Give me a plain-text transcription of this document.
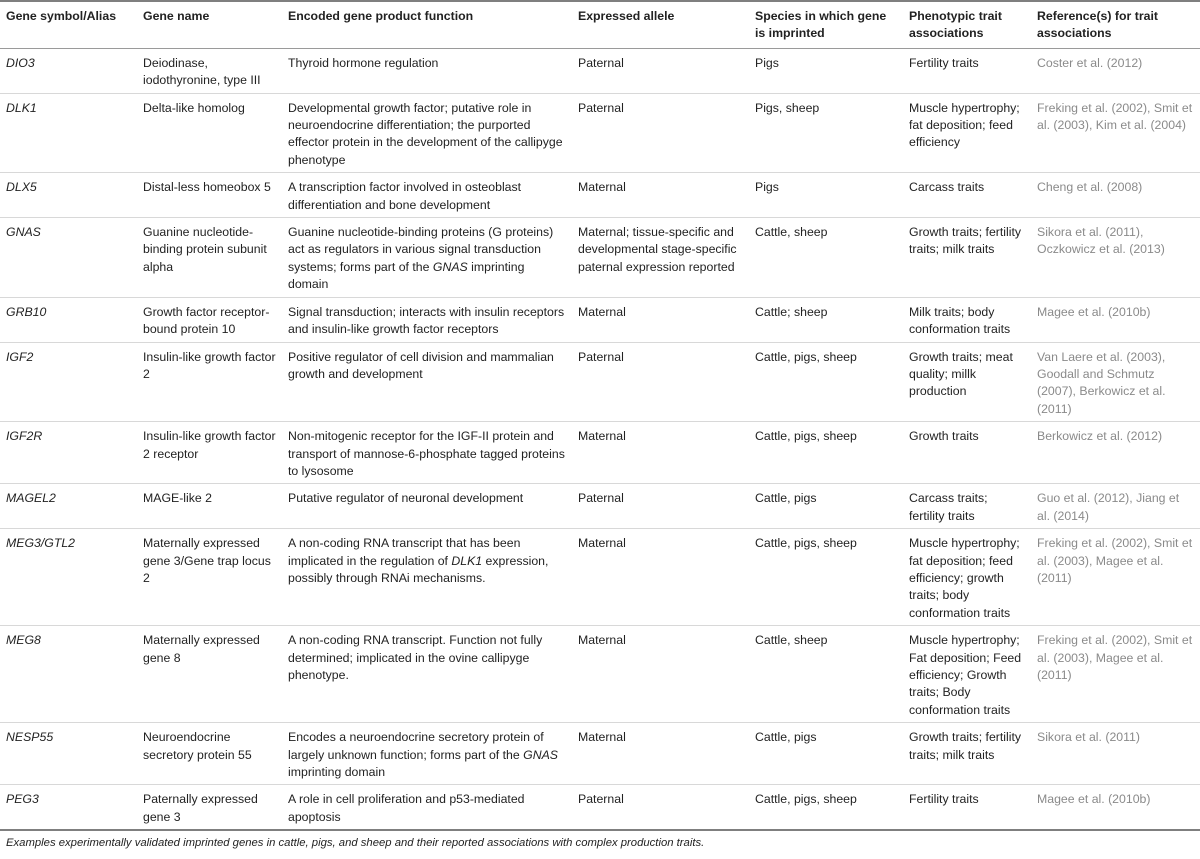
Gene symbol/Alias	Gene name	Encoded gene product function	Expressed allele	Species in which gene is imprinted	Phenotypic trait associations	Reference(s) for trait associations
DIO3	Deiodinase, iodothyronine, type III	Thyroid hormone regulation	Paternal	Pigs	Fertility traits	Coster et al. (2012)
DLK1	Delta-like homolog	Developmental growth factor; putative role in neuroendocrine differentiation; the purported effector protein in the development of the callipyge phenotype	Paternal	Pigs, sheep	Muscle hypertrophy; fat deposition; feed efficiency	Freking et al. (2002), Smit et al. (2003), Kim et al. (2004)
DLX5	Distal-less homeobox 5	A transcription factor involved in osteoblast differentiation and bone development	Maternal	Pigs	Carcass traits	Cheng et al. (2008)
GNAS	Guanine nucleotide-binding protein subunit alpha	Guanine nucleotide-binding proteins (G proteins) act as regulators in various signal transduction systems; forms part of the GNAS imprinting domain	Maternal; tissue-specific and developmental stage-specific paternal expression reported	Cattle, sheep	Growth traits; fertility traits; milk traits	Sikora et al. (2011), Oczkowicz et al. (2013)
GRB10	Growth factor receptor-bound protein 10	Signal transduction; interacts with insulin receptors and insulin-like growth factor receptors	Maternal	Cattle; sheep	Milk traits; body conformation traits	Magee et al. (2010b)
IGF2	Insulin-like growth factor 2	Positive regulator of cell division and mammalian growth and development	Paternal	Cattle, pigs, sheep	Growth traits; meat quality; millk production	Van Laere et al. (2003), Goodall and Schmutz (2007), Berkowicz et al. (2011)
IGF2R	Insulin-like growth factor 2 receptor	Non-mitogenic receptor for the IGF-II protein and transport of mannose-6-phosphate tagged proteins to lysosome	Maternal	Cattle, pigs, sheep	Growth traits	Berkowicz et al. (2012)
MAGEL2	MAGE-like 2	Putative regulator of neuronal development	Paternal	Cattle, pigs	Carcass traits; fertility traits	Guo et al. (2012), Jiang et al. (2014)
MEG3/GTL2	Maternally expressed gene 3/Gene trap locus 2	A non-coding RNA transcript that has been implicated in the regulation of DLK1 expression, possibly through RNAi mechanisms.	Maternal	Cattle, pigs, sheep	Muscle hypertrophy; fat deposition; feed efficiency; growth traits; body conformation traits	Freking et al. (2002), Smit et al. (2003), Magee et al. (2011)
MEG8	Maternally expressed gene 8	A non-coding RNA transcript. Function not fully determined; implicated in the ovine callipyge phenotype.	Maternal	Cattle, sheep	Muscle hypertrophy; Fat deposition; Feed efficiency; Growth traits; Body conformation traits	Freking et al. (2002), Smit et al. (2003), Magee et al. (2011)
NESP55	Neuroendocrine secretory protein 55	Encodes a neuroendocrine secretory protein of largely unknown function; forms part of the GNAS imprinting domain	Maternal	Cattle, pigs	Growth traits; fertility traits; milk traits	Sikora et al. (2011)
PEG3	Paternally expressed gene 3	A role in cell proliferation and p53-mediated apoptosis	Paternal	Cattle, pigs, sheep	Fertility traits	Magee et al. (2010b)
Examples experimentally validated imprinted genes in cattle, pigs, and sheep and their reported associations with complex production traits.
